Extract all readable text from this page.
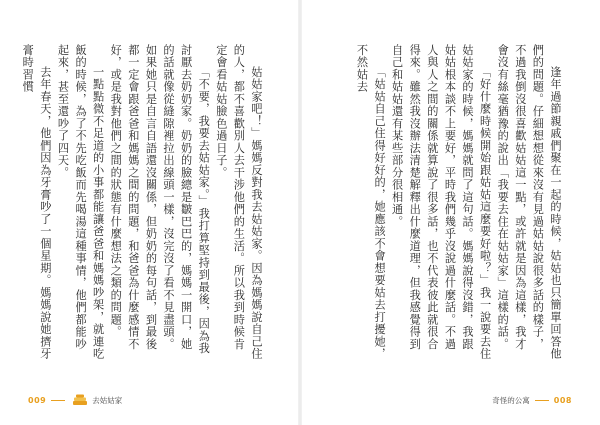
姑姑家吧！」媽媽反對我去姑姑家。因為媽媽說自己住的人，都不喜歡別人去干涉他們的生活。所以我到時候肯定會看姑姑臉色過日子。

「不要，我要去姑姑家。」我打算堅持到最後，因為我討厭去奶奶家。奶奶的臉總是皺巴巴的，媽媽一開口，她的話就像從縫隙裡拉出線頭一樣，沒完沒了看不見盡頭。如果她只是自言自語還沒關係，但奶奶的每句話，到最後都一定會跟爸爸和媽媽之間的問題，和爸爸為什麼感情不好，或是我對他們之間的狀態有什麼想法之類的問題。

一點點微不足道的小事都能讓爸爸和媽媽吵架，就連吃飯的時候，為了不先吃飯而先喝湯這種事情，他們都能吵起來，甚至還吵了四天。

去年春天，他們因為牙膏吵了一個星期。媽媽說她擠牙膏時習慣

009	去姑姑家

逢年過節親戚們聚在一起的時候，姑姑也只簡單回答他們的問題。仔細想想從來沒有見過姑姑說很多話的樣子，不過我倒沒很喜歡姑姑這一點，或許就是因為這樣，我才會沒有絲毫猶豫的說出「我要去住在姑姑家」這樣的話。

「好什麼時候開始跟姑姑這麼要好啦？」我一說要去住姑姑家的時候，媽媽就問了這句話。媽媽說得沒錯，我跟姑姑根本談不上要好，平時我們幾乎沒說過什麼話。不過人與人之間的關係就算說了很多話，也不代表彼此就很合得來。雖然我沒辦法清楚解釋出什麼道理，但我感覺得到自己和姑姑還有某些部分很相通。

「姑姑自己住得好好的，她應該不會想要姑去打擾她，不然姑去

008
奇怪的公寓
